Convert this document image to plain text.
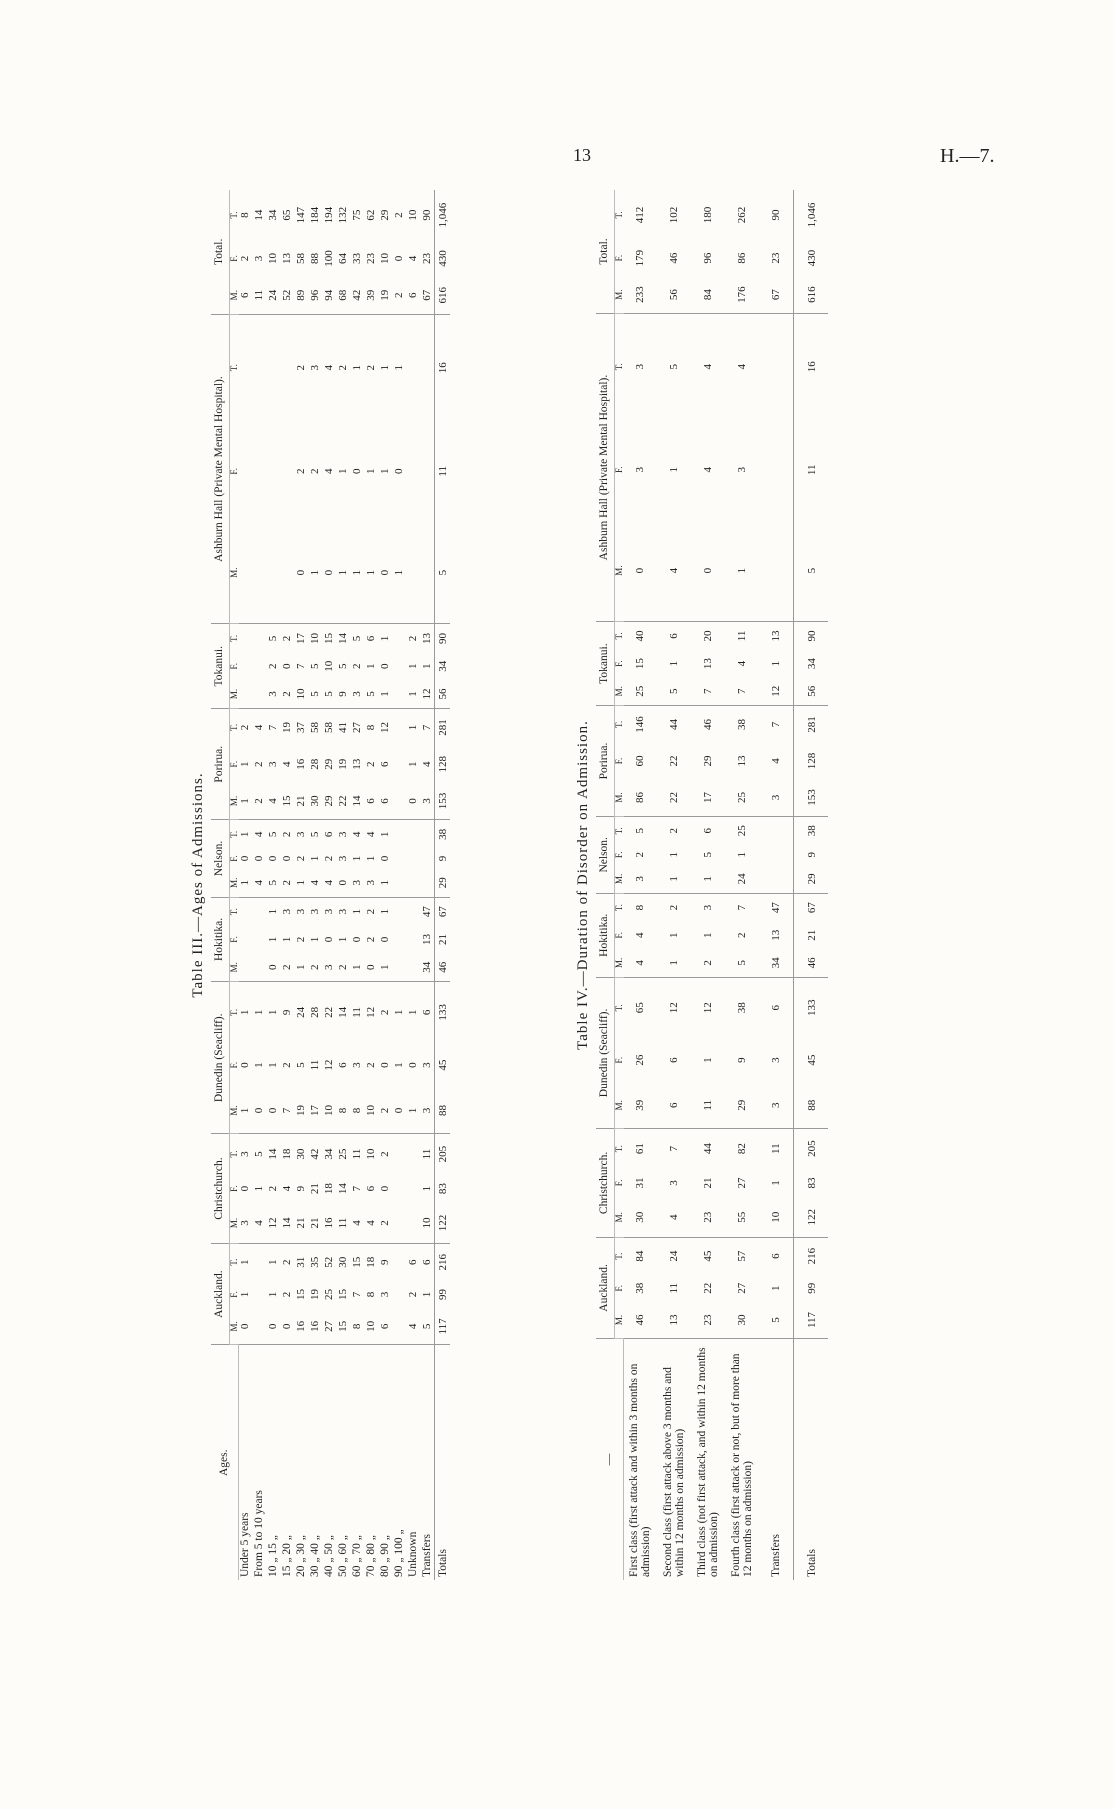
13	H.—7.
Table III.—Ages of Admissions.
Ages.	Auckland.			Christchurch.			Dunedin (Seacliff).			Hokitika.			Nelson.			Porirua.			Tokanui.			Ashburn Hall (Private Mental Hospital).			Total.		
	M.	F.	T.	M.	F.	T.	M.	F.	T.	M.	F.	T.	M.	F.	T.	M.	F.	T.	M.	F.	T.	M.	F.	T.	M.	F.	T.
Under 5 years	0	1	1	3	0	3	1	0	1				1	0	1	1	1	2							6	2	8
From 5 to 10 years				4	1	5	0	1	1				4	0	4	2	2	4							11	3	14
10 „ 15 „	0	1	1	12	2	14	0	1	1	0	1	1	5	0	5	4	3	7	3	2	5				24	10	34
15 „ 20 „	0	2	2	14	4	18	7	2	9	2	1	3	2	0	2	15	4	19	2	0	2				52	13	65
20 „ 30 „	16	15	31	21	9	30	19	5	24	1	2	3	1	2	3	21	16	37	10	7	17	0	2	2	89	58	147
30 „ 40 „	16	19	35	21	21	42	17	11	28	2	1	3	4	1	5	30	28	58	5	5	10	1	2	3	96	88	184
40 „ 50 „	27	25	52	16	18	34	10	12	22	3	0	3	4	2	6	29	29	58	5	10	15	0	4	4	94	100	194
50 „ 60 „	15	15	30	11	14	25	8	6	14	2	1	3	0	3	3	22	19	41	9	5	14	1	1	2	68	64	132
60 „ 70 „	8	7	15	4	7	11	8	3	11	1	0	1	3	1	4	14	13	27	3	2	5	1	0	1	42	33	75
70 „ 80 „	10	8	18	4	6	10	10	2	12	0	2	2	3	1	4	6	2	8	5	1	6	1	1	2	39	23	62
80 „ 90 „	6	3	9	2	0	2	2	0	2	1	0	1	1	0	1	6	6	12	1	0	1	0	1	1	19	10	29
90 „ 100 „							0	1	1													1	0	1	2	0	2
Unknown	4	2	6				1	0	1							0	1	1	1	1	2				6	4	10
Transfers	5	1	6	10	1	11	3	3	6	34	13	47				3	4	7	12	1	13				67	23	90
Totals	117	99	216	122	83	205	88	45	133	46	21	67	29	9	38	153	128	281	56	34	90	5	11	16	616	430	1,046
Table IV.—Duration of Disorder on Admission.
—	Auckland.			Christchurch.			Dunedin (Seacliff).			Hokitika.			Nelson.			Porirua.			Tokanui.			Ashburn Hall (Private Mental Hospital).			Total.		
	M.	F.	T.	M.	F.	T.	M.	F.	T.	M.	F.	T.	M.	F.	T.	M.	F.	T.	M.	F.	T.	M.	F.	T.	M.	F.	T.
First class (first attack and within 3 months on admission)	46	38	84	30	31	61	39	26	65	4	4	8	3	2	5	86	60	146	25	15	40	0	3	3	233	179	412
Second class (first attack above 3 months and within 12 months on admission)	13	11	24	4	3	7	6	6	12	1	1	2	1	1	2	22	22	44	5	1	6	4	1	5	56	46	102
Third class (not first attack, and within 12 months on admission)	23	22	45	23	21	44	11	1	12	2	1	3	1	5	6	17	29	46	7	13	20	0	4	4	84	96	180
Fourth class (first attack or not, but of more than 12 months on admission)	30	27	57	55	27	82	29	9	38	5	2	7	24	1	25	25	13	38	7	4	11	1	3	4	176	86	262
Transfers	5	1	6	10	1	11	3	3	6	34	13	47				3	4	7	12	1	13				67	23	90
Totals	117	99	216	122	83	205	88	45	133	46	21	67	29	9	38	153	128	281	56	34	90	5	11	16	616	430	1,046
